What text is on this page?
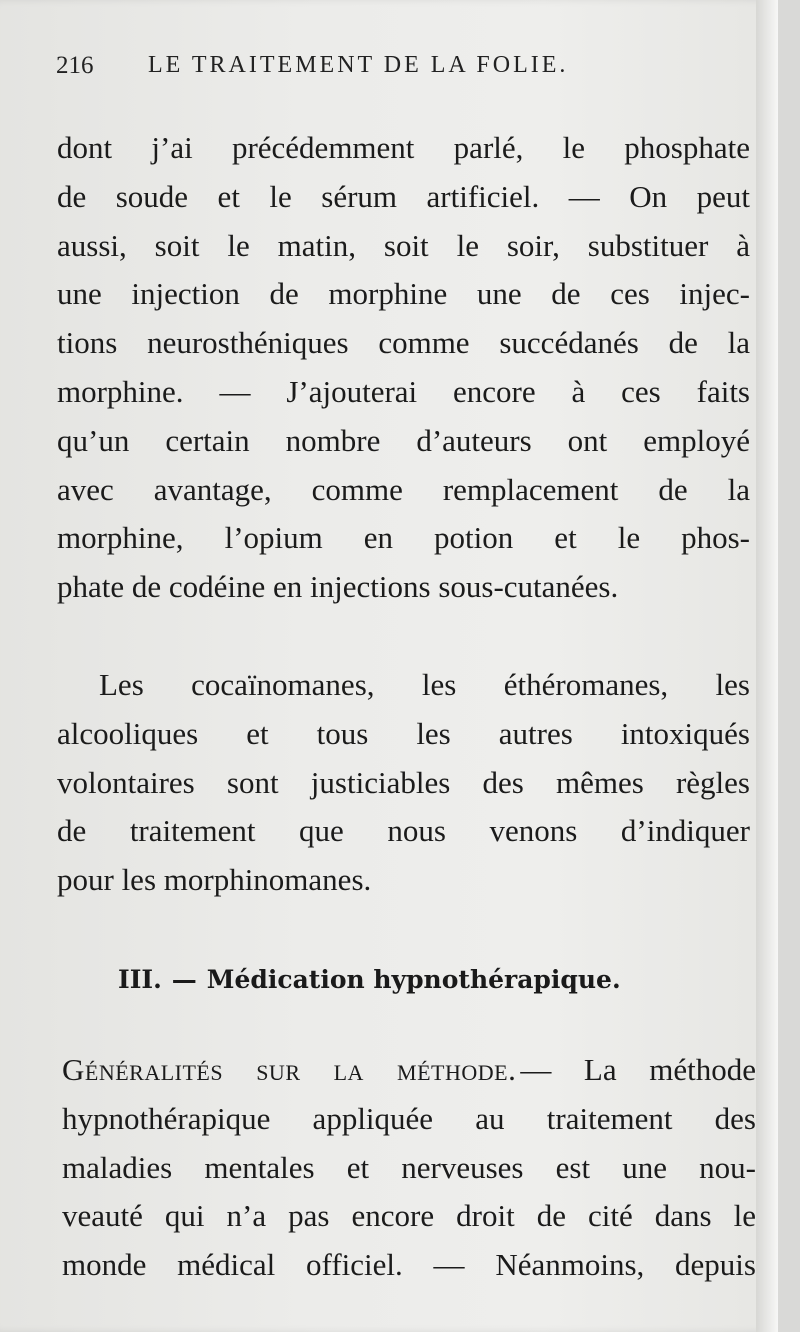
216 LE TRAITEMENT DE LA FOLIE.
dont j’ai précédemment parlé, le phosphate
de soude et le sérum artificiel. — On peut
aussi, soit le matin, soit le soir, substituer à
une injection de morphine une de ces injec-
tions neurosthéniques comme succédanés de la
morphine. — J’ajouterai encore à ces faits
qu’un certain nombre d’auteurs ont employé
avec avantage, comme remplacement de la
morphine, l’opium en potion et le phos-
phate de codéine en injections sous-cutanées.
Les cocaïnomanes, les éthéromanes, les
alcooliques et tous les autres intoxiqués
volontaires sont justiciables des mêmes règles
de traitement que nous venons d’indiquer
pour les morphinomanes.
III. — Médication hypnothérapique.
Généralités sur la méthode. — La méthode
hypnothérapique appliquée au traitement des
maladies mentales et nerveuses est une nou-
veauté qui n’a pas encore droit de cité dans le
monde médical officiel. — Néanmoins, depuis
